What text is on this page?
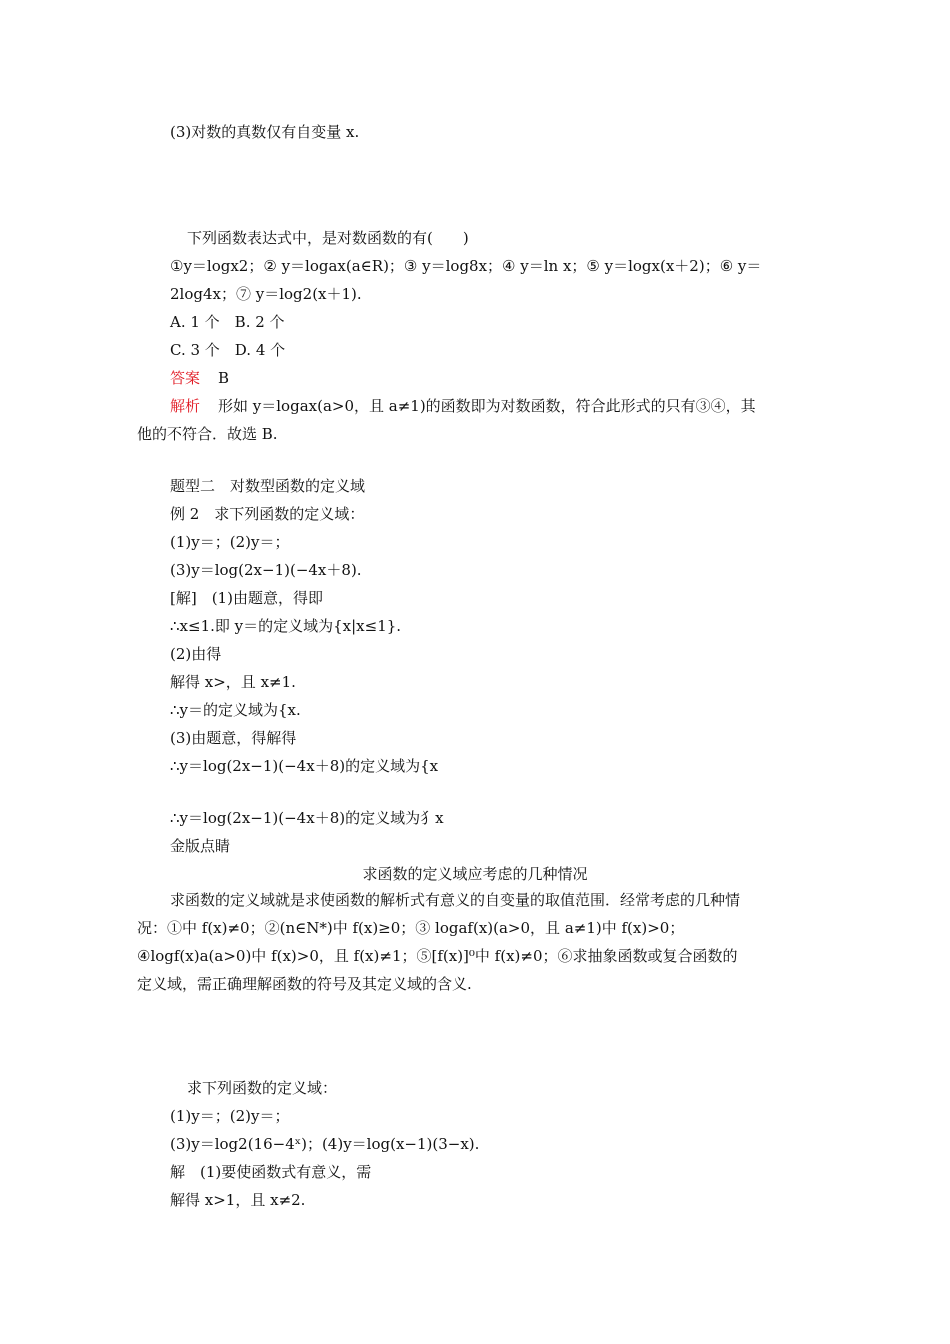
(3)对数的真数仅有自变量 x.
下列函数表达式中，是对数函数的有(　　)
①y＝logx2；② y＝logax(a∈R)；③ y＝log8x；④ y＝ln x；⑤ y＝logx(x＋2)；⑥ y＝
2log4x；⑦ y＝log2(x＋1).
A. 1 个　B. 2 个
C. 3 个　D. 4 个
答案 B
解析 形如 y＝logax(a>0，且 a≠1)的函数即为对数函数，符合此形式的只有③④，其
他的不符合．故选 B.
题型二　对数型函数的定义域
例 2　求下列函数的定义域：
(1)y＝；(2)y＝；
(3)y＝log(2x−1)(−4x＋8).
[解]　(1)由题意，得即
∴x≤1.即 y＝的定义域为{x|x≤1}.
(2)由得
解得 x>，且 x≠1.
∴y＝的定义域为{x.
(3)由题意，得解得
∴y＝log(2x−1)(−4x＋8)的定义域为{x
∴y＝log(2x−1)(−4x＋8)的定义域为犭x
金版点睛
求函数的定义域应考虑的几种情况
求函数的定义域就是求使函数的解析式有意义的自变量的取值范围．经常考虑的几种情
况：①中 f(x)≠0；②(n∈N*)中 f(x)≥0；③ logaf(x)(a>0，且 a≠1)中 f(x)>0；
④logf(x)a(a>0)中 f(x)>0，且 f(x)≠1；⑤[f(x)]⁰中 f(x)≠0；⑥求抽象函数或复合函数的
定义域，需正确理解函数的符号及其定义域的含义.
求下列函数的定义域：
(1)y＝；(2)y＝；
(3)y＝log2(16−4ˣ)；(4)y＝log(x−1)(3−x).
解　(1)要使函数式有意义，需
解得 x>1，且 x≠2.
